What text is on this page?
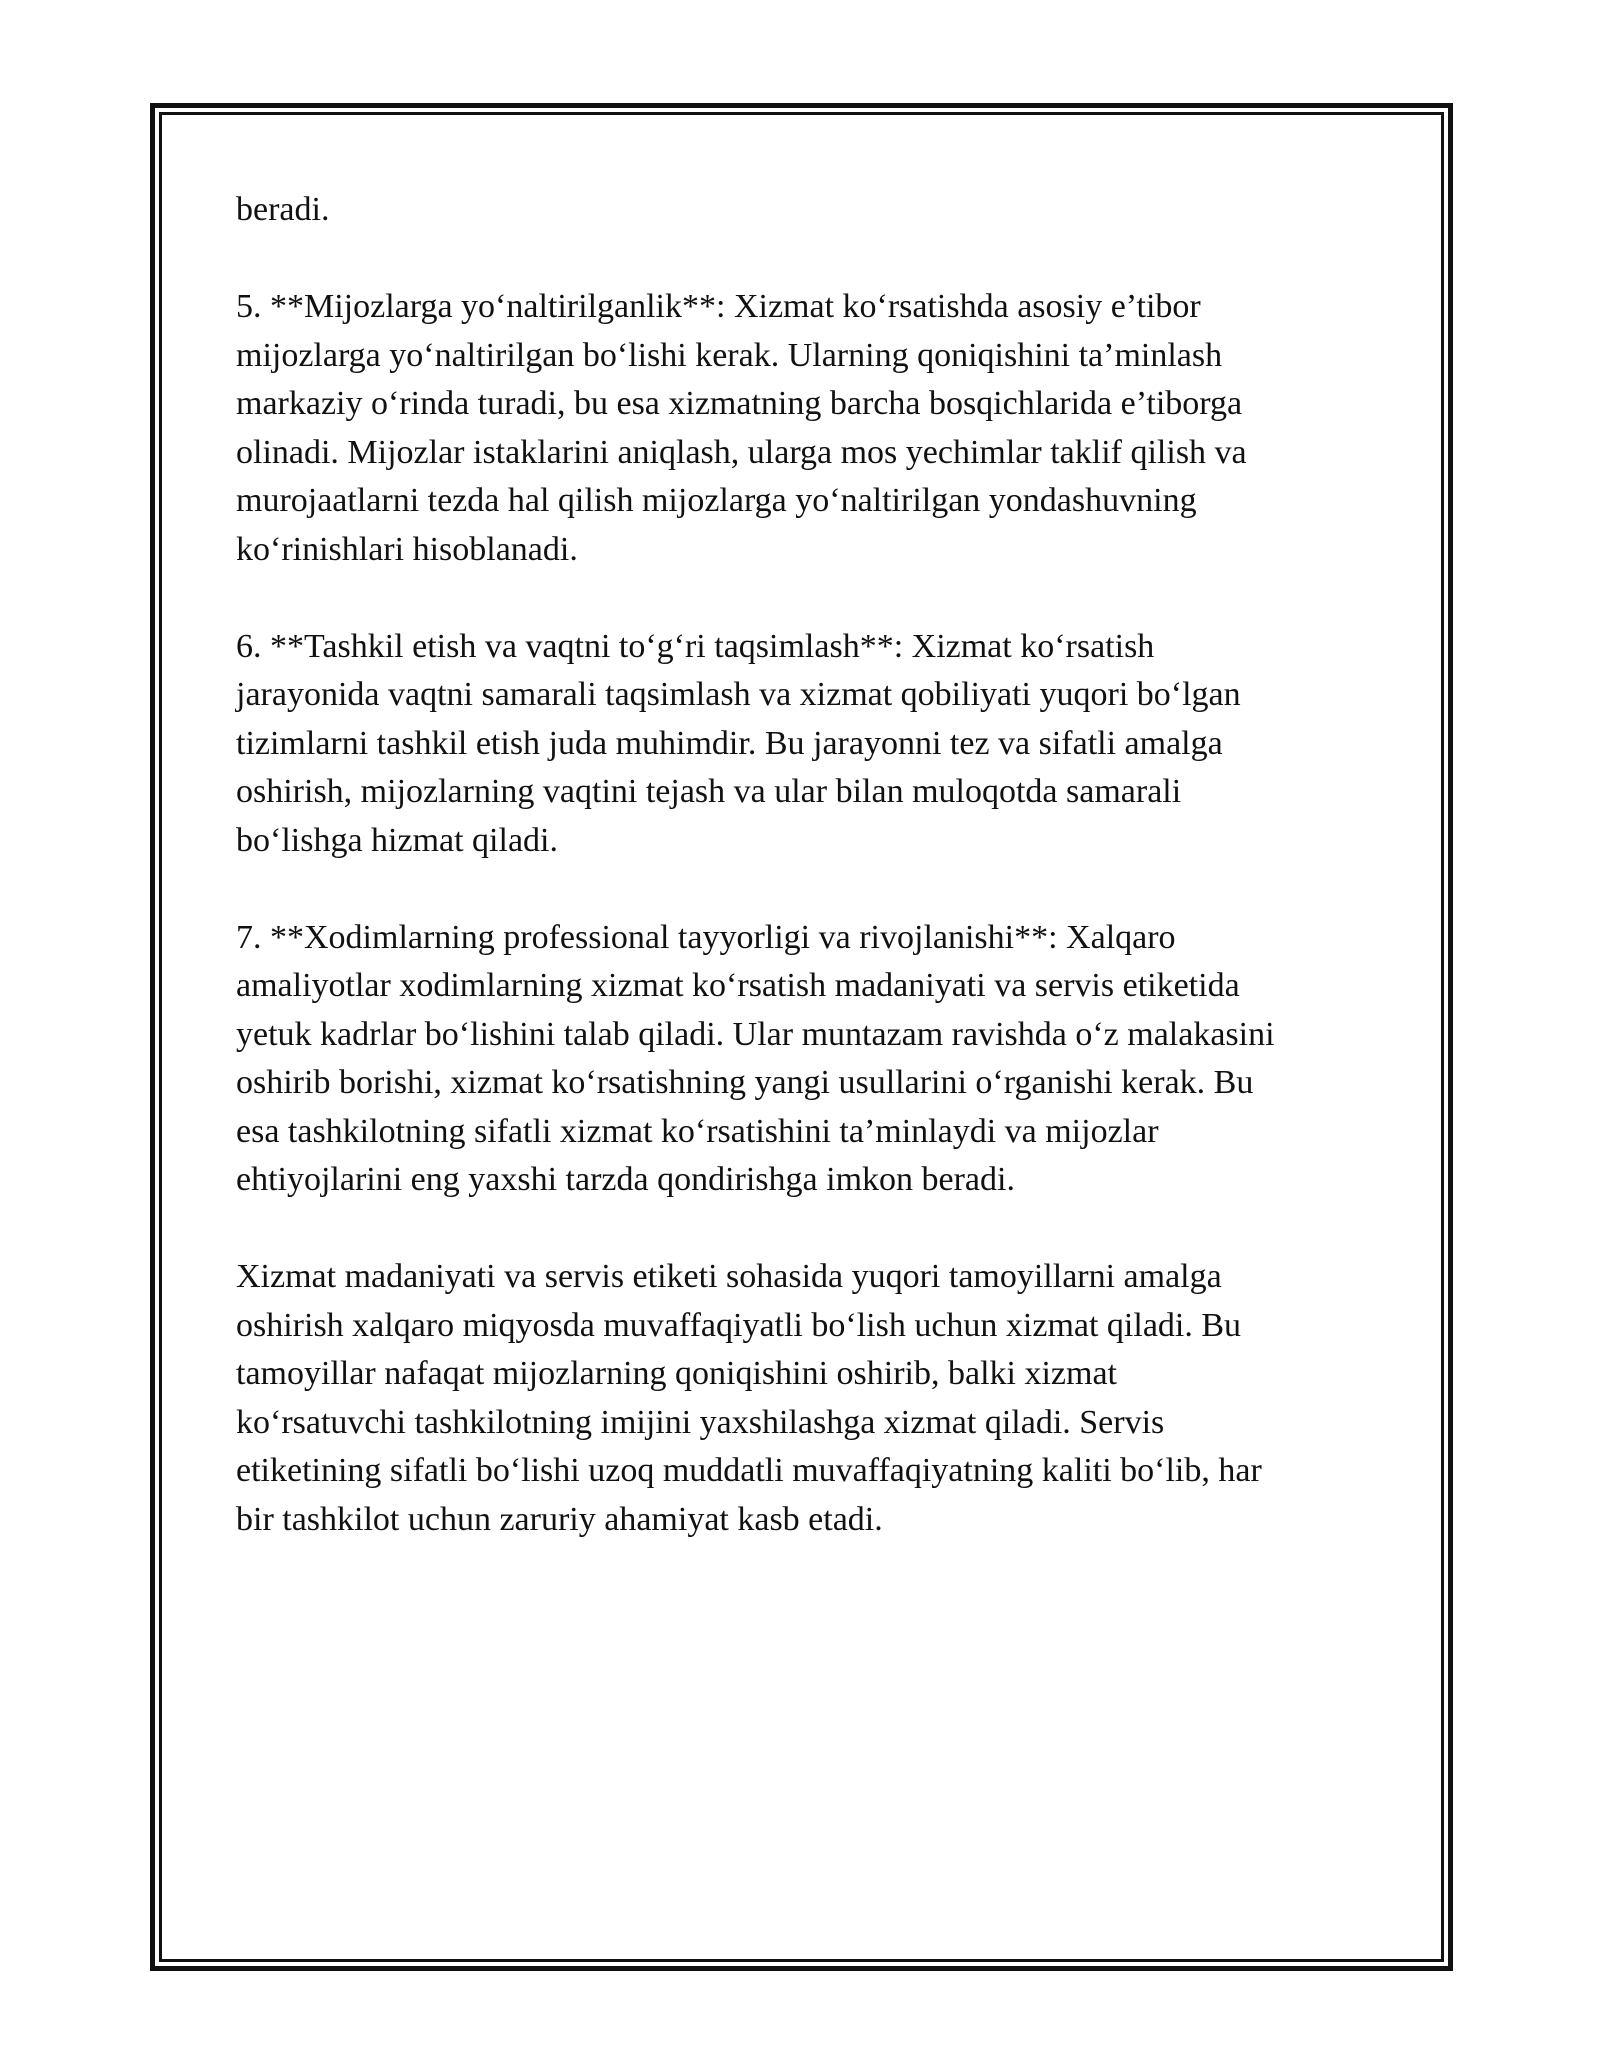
beradi.

5. **Mijozlarga yo‘naltirilganlik**: Xizmat ko‘rsatishda asosiy e’tibor
mijozlarga yo‘naltirilgan bo‘lishi kerak. Ularning qoniqishini ta’minlash
markaziy o‘rinda turadi, bu esa xizmatning barcha bosqichlarida e’tiborga
olinadi. Mijozlar istaklarini aniqlash, ularga mos yechimlar taklif qilish va
murojaatlarni tezda hal qilish mijozlarga yo‘naltirilgan yondashuvning
ko‘rinishlari hisoblanadi.

6. **Tashkil etish va vaqtni to‘g‘ri taqsimlash**: Xizmat ko‘rsatish
jarayonida vaqtni samarali taqsimlash va xizmat qobiliyati yuqori bo‘lgan
tizimlarni tashkil etish juda muhimdir. Bu jarayonni tez va sifatli amalga
oshirish, mijozlarning vaqtini tejash va ular bilan muloqotda samarali
bo‘lishga hizmat qiladi.

7. **Xodimlarning professional tayyorligi va rivojlanishi**: Xalqaro
amaliyotlar xodimlarning xizmat ko‘rsatish madaniyati va servis etiketida
yetuk kadrlar bo‘lishini talab qiladi. Ular muntazam ravishda o‘z malakasini
oshirib borishi, xizmat ko‘rsatishning yangi usullarini o‘rganishi kerak. Bu
esa tashkilotning sifatli xizmat ko‘rsatishini ta’minlaydi va mijozlar
ehtiyojlarini eng yaxshi tarzda qondirishga imkon beradi.

Xizmat madaniyati va servis etiketi sohasida yuqori tamoyillarni amalga
oshirish xalqaro miqyosda muvaffaqiyatli bo‘lish uchun xizmat qiladi. Bu
tamoyillar nafaqat mijozlarning qoniqishini oshirib, balki xizmat
ko‘rsatuvchi tashkilotning imijini yaxshilashga xizmat qiladi. Servis
etiketining sifatli bo‘lishi uzoq muddatli muvaffaqiyatning kaliti bo‘lib, har
bir tashkilot uchun zaruriy ahamiyat kasb etadi.
